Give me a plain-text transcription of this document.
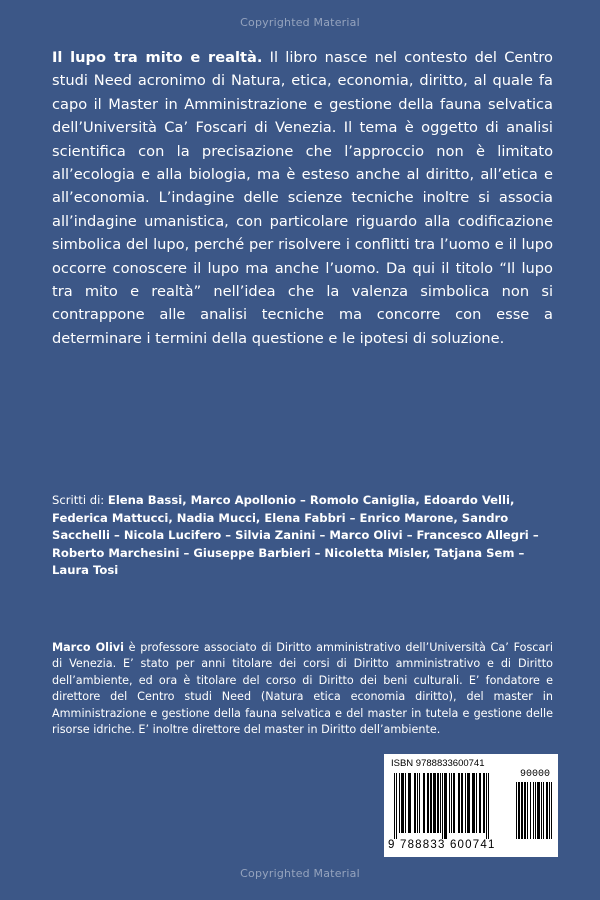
Copyrighted Material

Il lupo tra mito e realtà. Il libro nasce nel contesto del Centro studi Need acronimo di Natura, etica, economia, diritto, al quale fa capo il Master in Amministrazione e gestione della fauna selvatica dell’Università Ca’ Foscari di Venezia. Il tema è oggetto di analisi scientifica con la precisazione che l’approccio non è limitato all’ecologia e alla biologia, ma è esteso anche al diritto, all’etica e all’economia. L’indagine delle scienze tecniche inoltre si associa all’indagine umanistica, con particolare riguardo alla codificazione simbolica del lupo, perché per risolvere i conflitti tra l’uomo e il lupo occorre conoscere il lupo ma anche l’uomo. Da qui il titolo “Il lupo tra mito e realtà” nell’idea che la valenza simbolica non si contrappone alle analisi tecniche ma concorre con esse a determinare i termini della questione e le ipotesi di soluzione.

Scritti di: Elena Bassi, Marco Apollonio – Romolo Caniglia, Edoardo Velli, Federica Mattucci, Nadia Mucci, Elena Fabbri – Enrico Marone, Sandro Sacchelli – Nicola Lucifero – Silvia Zanini – Marco Olivi – Francesco Allegri – Roberto Marchesini – Giuseppe Barbieri – Nicoletta Misler, Tatjana Sem – Laura Tosi

Marco Olivi è professore associato di Diritto amministrativo dell’Università Ca’ Foscari di Venezia. E’ stato per anni titolare dei corsi di Diritto amministrativo e di Diritto dell’ambiente, ed ora è titolare del corso di Diritto dei beni culturali. E’ fondatore e direttore del Centro studi Need (Natura etica economia diritto), del master in Amministrazione e gestione della fauna selvatica e del master in tutela e gestione delle risorse idriche. E’ inoltre direttore del master in Diritto dell’ambiente.

ISBN 9788833600741
90000
9 788833 600741
Copyrighted Material
